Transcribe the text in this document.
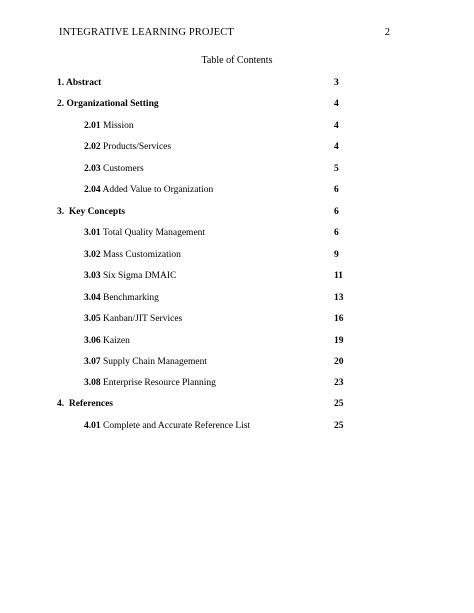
INTEGRATIVE LEARNING PROJECT	2
Table of Contents
1. Abstract	3
2. Organizational Setting	4
2.01 Mission	4
2.02 Products/Services	4
2.03 Customers	5
2.04 Added Value to Organization	6
3.  Key Concepts	6
3.01 Total Quality Management	6
3.02 Mass Customization	9
3.03 Six Sigma DMAIC	11
3.04 Benchmarking	13
3.05 Kanban/JIT Services	16
3.06 Kaizen	19
3.07 Supply Chain Management	20
3.08 Enterprise Resource Planning	23
4.  References	25
4.01 Complete and Accurate Reference List	25
